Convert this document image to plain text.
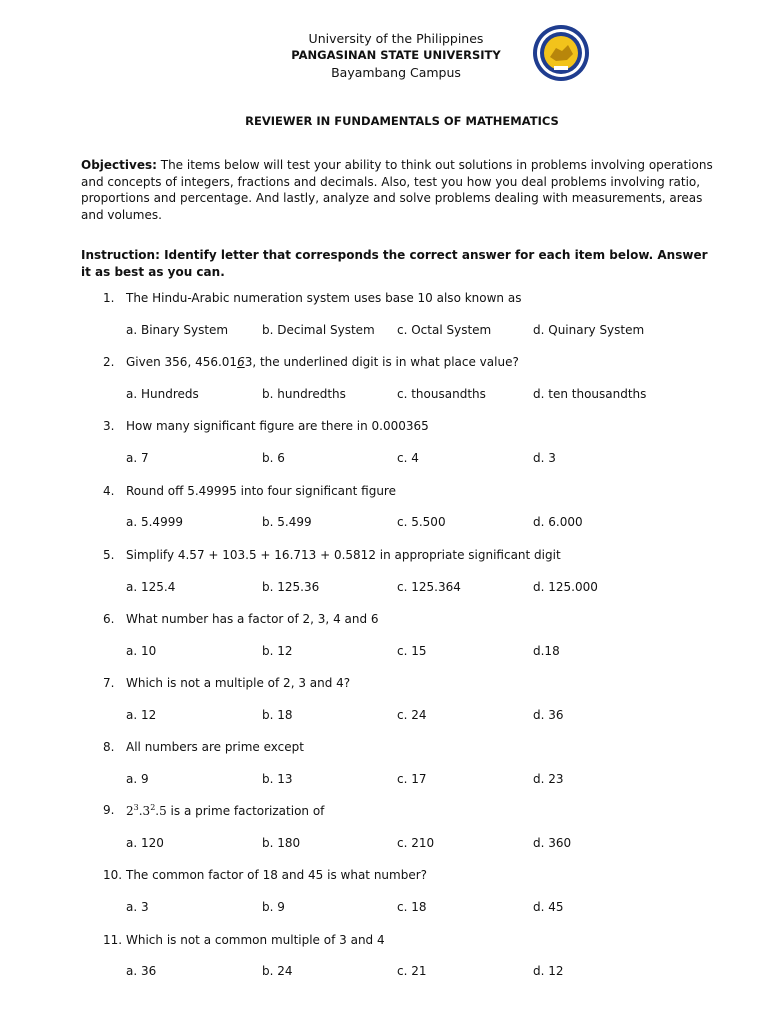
University of the Philippines
PANGASINAN STATE UNIVERSITY
Bayambang Campus
REVIEWER IN FUNDAMENTALS OF MATHEMATICS
Objectives: The items below will test your ability to think out solutions in problems involving operations and concepts of integers, fractions and decimals. Also, test you how you deal problems involving ratio, proportions and percentage. And lastly, analyze and solve problems dealing with measurements, areas and volumes.
Instruction: Identify letter that corresponds the correct answer for each item below. Answer it as best as you can.
1. The Hindu-Arabic numeration system uses base 10 also known as
a. Binary System	b. Decimal System c. Octal System	d. Quinary System
2. Given 356, 456.0163, the underlined digit is in what place value?
a. Hundreds	b. hundredths	c. thousandths	d. ten thousandths
3. How many significant figure are there in 0.000365
a. 7	b. 6	c. 4	d. 3
4. Round off 5.49995 into four significant figure
a. 5.4999	b. 5.499	c. 5.500	d. 6.000
5. Simplify 4.57 + 103.5 + 16.713 + 0.5812 in appropriate significant digit
a. 125.4	b. 125.36	c. 125.364	d. 125.000
6. What number has a factor of 2, 3, 4 and 6
a. 10	b. 12	c. 15	d.18
7. Which is not a multiple of 2, 3 and 4?
a. 12	b. 18	c. 24	d. 36
8. All numbers are prime except
a. 9	b. 13	c. 17	d. 23
9. $2^3.3^2.5$ is a prime factorization of
a. 120	b. 180	c. 210	d. 360
10. The common factor of 18 and 45 is what number?
a. 3	b. 9	c. 18	d. 45
11. Which is not a common multiple of 3 and 4
a. 36	b. 24	c. 21	d. 12
